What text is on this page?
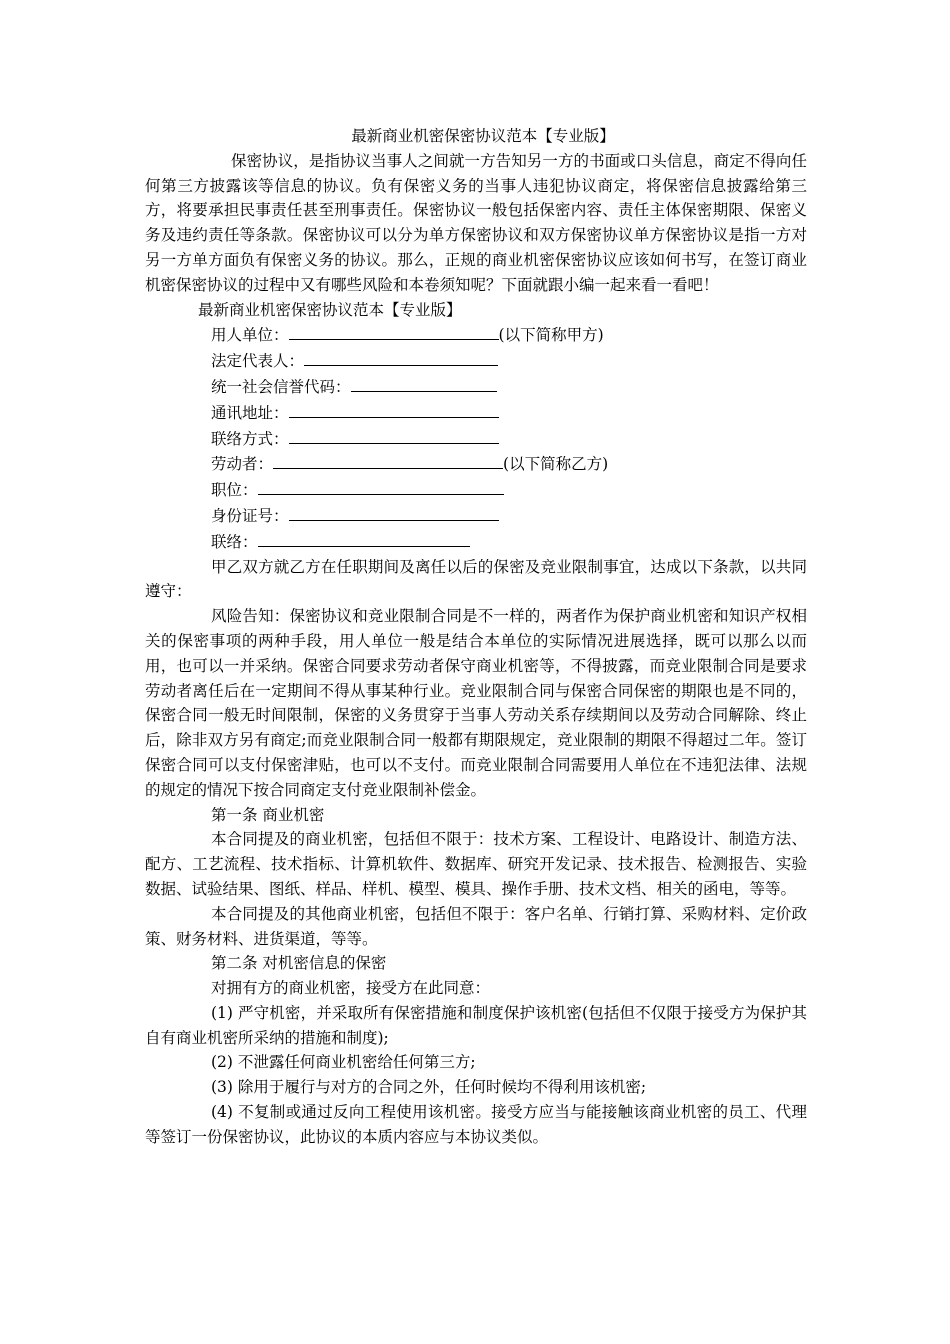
最新商业机密保密协议范本【专业版】

保密协议，是指协议当事人之间就一方告知另一方的书面或口头信息，商定不得向任何第三方披露该等信息的协议。负有保密义务的当事人违犯协议商定，将保密信息披露给第三方，将要承担民事责任甚至刑事责任。保密协议一般包括保密内容、责任主体保密期限、保密义务及违约责任等条款。保密协议可以分为单方保密协议和双方保密协议单方保密协议是指一方对另一方单方面负有保密义务的协议。那么，正规的商业机密保密协议应该如何书写，在签订商业机密保密协议的过程中又有哪些风险和本卷须知呢？下面就跟小编一起来看一看吧！

最新商业机密保密协议范本【专业版】

用人单位：	(以下简称甲方)

法定代表人：

统一社会信誉代码：

通讯地址：

联络方式：

劳动者：	(以下简称乙方)

职位：

身份证号：

联络：

甲乙双方就乙方在任职期间及离任以后的保密及竞业限制事宜，达成以下条款，以共同遵守：

风险告知：保密协议和竞业限制合同是不一样的，两者作为保护商业机密和知识产权相关的保密事项的两种手段，用人单位一般是结合本单位的实际情况进展选择，既可以那么以而用，也可以一并采纳。保密合同要求劳动者保守商业机密等，不得披露，而竞业限制合同是要求劳动者离任后在一定期间不得从事某种行业。竞业限制合同与保密合同保密的期限也是不同的，保密合同一般无时间限制，保密的义务贯穿于当事人劳动关系存续期间以及劳动合同解除、终止后，除非双方另有商定;而竞业限制合同一般都有期限规定，竞业限制的期限不得超过二年。签订保密合同可以支付保密津贴，也可以不支付。而竞业限制合同需要用人单位在不违犯法律、法规的规定的情况下按合同商定支付竞业限制补偿金。

第一条 商业机密

本合同提及的商业机密，包括但不限于：技术方案、工程设计、电路设计、制造方法、配方、工艺流程、技术指标、计算机软件、数据库、研究开发记录、技术报告、检测报告、实验数据、试验结果、图纸、样品、样机、模型、模具、操作手册、技术文档、相关的函电，等等。

本合同提及的其他商业机密，包括但不限于：客户名单、行销打算、采购材料、定价政策、财务材料、进货渠道，等等。

第二条 对机密信息的保密

对拥有方的商业机密，接受方在此同意：

(1) 严守机密，并采取所有保密措施和制度保护该机密(包括但不仅限于接受方为保护其自有商业机密所采纳的措施和制度);

(2) 不泄露任何商业机密给任何第三方;

(3) 除用于履行与对方的合同之外，任何时候均不得利用该机密;

(4) 不复制或通过反向工程使用该机密。接受方应当与能接触该商业机密的员工、代理等签订一份保密协议，此协议的本质内容应与本协议类似。
